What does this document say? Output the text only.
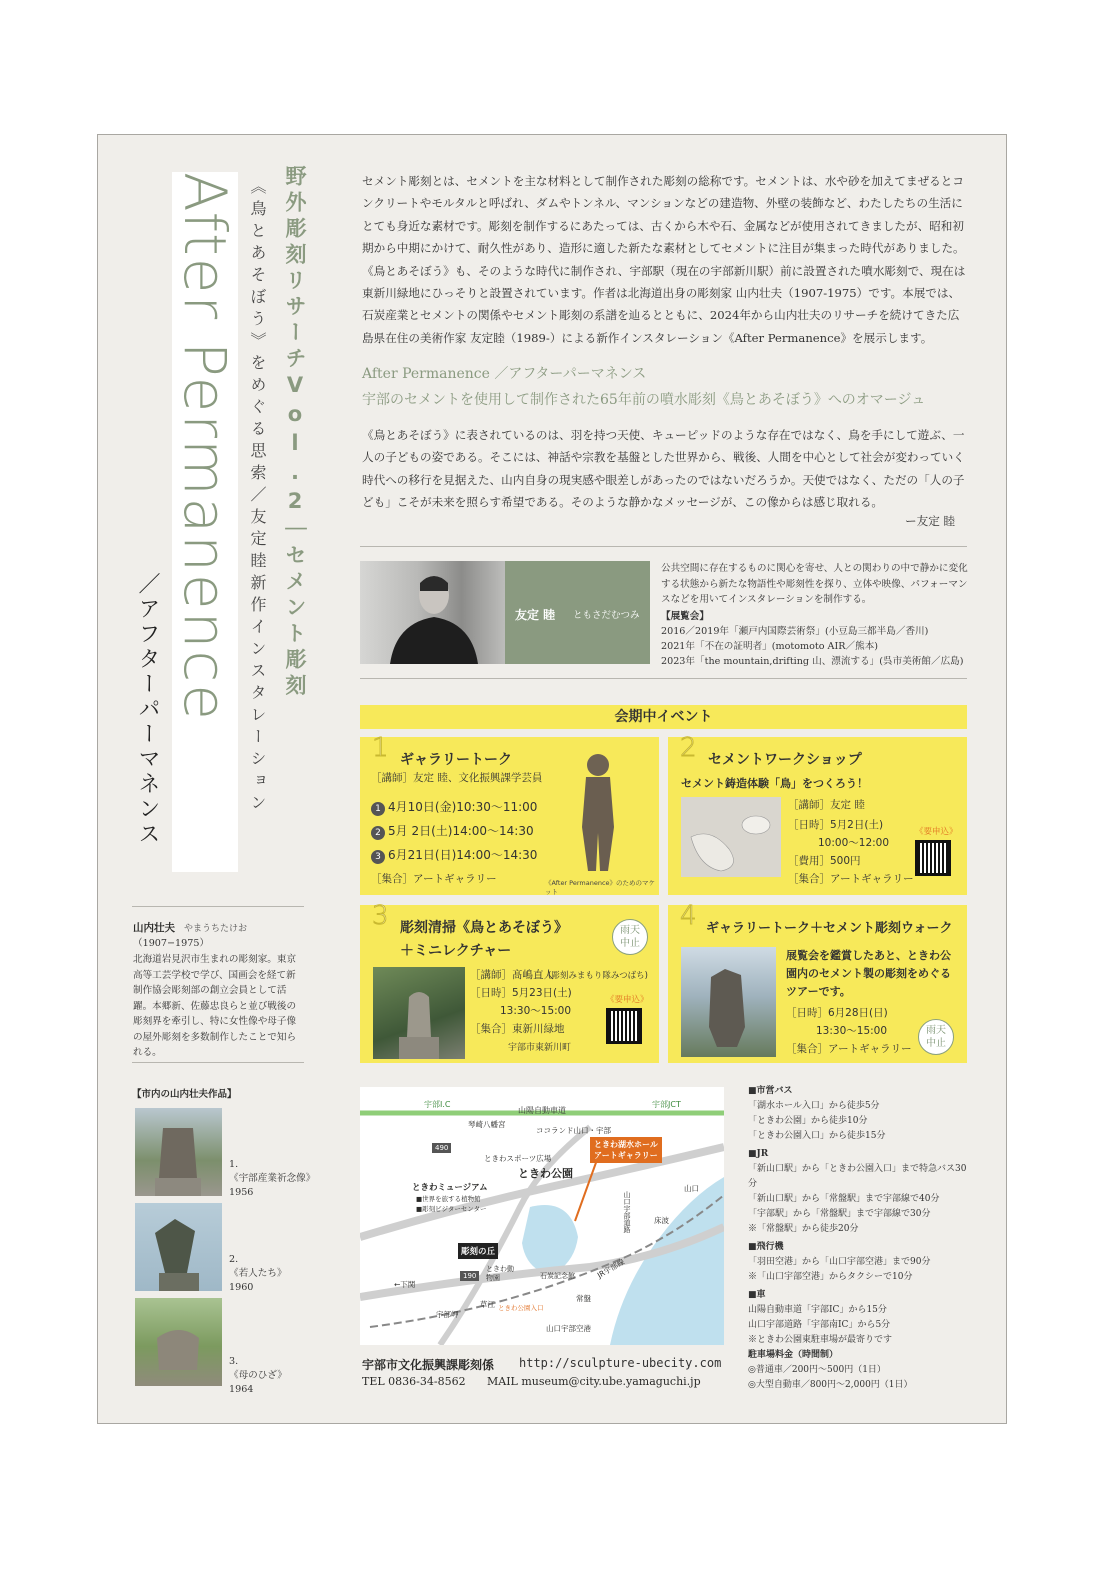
After Permanence 野外彫刻リサーチVol.2｜セメント彫刻
《鳥とあそぼう》をめぐる思索／友定睦新作インスタレーション
／アフターパーマネンス

セメント彫刻とは、セメントを主な材料として制作された彫刻の総称です。セメントは、水や砂を加えてまぜるとコンクリートやモルタルと呼ばれ、ダムやトンネル、マンションなどの建造物、外壁の装飾など、わたしたちの生活にとても身近な素材です。彫刻を制作するにあたっては、古くから木や石、金属などが使用されてきましたが、昭和初期から中期にかけて、耐久性があり、造形に適した新たな素材としてセメントに注目が集まった時代がありました。《鳥とあそぼう》も、そのような時代に制作され、宇部駅（現在の宇部新川駅）前に設置された噴水彫刻で、現在は東新川緑地にひっそりと設置されています。作者は北海道出身の彫刻家 山内壮夫（1907-1975）です。本展では、石炭産業とセメントの関係やセメント彫刻の系譜を辿るとともに、2024年から山内壮夫のリサーチを続けてきた広島県在住の美術作家 友定睦（1989-）による新作インスタレーション《After Permanence》を展示します。

After Permanence ／アフターパーマネンス
宇部のセメントを使用して制作された65年前の噴水彫刻《鳥とあそぼう》へのオマージュ

《鳥とあそぼう》に表されているのは、羽を持つ天使、キューピッドのような存在ではなく、鳥を手にして遊ぶ、一人の子どもの姿である。そこには、神話や宗教を基盤とした世界から、戦後、人間を中心として社会が変わっていく時代への移行を見据えた、山内自身の現実感や眼差しがあったのではないだろうか。天使ではなく、ただの「人の子ども」こそが未来を照らす希望である。そのような静かなメッセージが、この像からは感じ取れる。

ー友定 睦
友定 睦 ともさだむつみ
公共空間に存在するものに関心を寄せ、人との関わりの中で静かに変化する状態から新たな物語性や彫刻性を探り、立体や映像、パフォーマンスなどを用いてインスタレーションを制作する。
【展覧会】
2016／2019年「瀬戸内国際芸術祭」(小豆島三都半島／香川)
2021年「不在の証明者」(motomoto AIR／熊本)
2023年「the mountain,drifting 山、漂流する」(呉市美術館／広島)
会期中イベント
1 ギャラリートーク
［講師］友定 睦、文化振興課学芸員
1 4月10日(金)10:30〜11:00
2 5月 2日(土)14:00〜14:30
3 6月21日(日)14:00〜14:30
［集合］アートギャラリー	《After Permanence》のためのマケット
2 セメントワークショップ
セメント鋳造体験「鳥」をつくろう！
［講師］友定 睦
［日時］5月2日(土)
10:00〜12:00
［費用］500円
［集合］アートギャラリー
《要申込》
3 彫刻清掃《鳥とあそぼう》
＋ミニレクチャー
雨天
中止
［講師］髙嶋直人
(彫刻みまもり隊みつばち)
［日時］5月23日(土)
13:30〜15:00
［集合］東新川緑地
宇部市東新川町
《要申込》
4 ギャラリートーク＋セメント彫刻ウォーク
展覧会を鑑賞したあと、ときわ公園内のセメント製の彫刻をめぐるツアーです。
［日時］6月28日(日)
13:30〜15:00
［集合］アートギャラリー
雨天
中止
山内壮夫 やまうちたけお
（1907−1975）
北海道岩見沢市生まれの彫刻家。東京高等工芸学校で学び、国画会を経て新制作協会彫刻部の創立会員として活躍。本郷新、佐藤忠良らと並び戦後の彫刻界を牽引し、特に女性像や母子像の屋外彫刻を多数制作したことで知られる。
【市内の山内壮夫作品】
1.
《宇部産業祈念像》
1956
2.
《若人たち》
1960
3.
《母のひざ》
1964
宇部I.C
山陽自動車道
宇部JCT
琴崎八幡宮
ココランド山口・宇部
ときわスポーツ広場
ときわ公園
ときわ湖水ホール
アートギャラリー
ときわミュージアム
■世界を旅する植物館
■彫刻ビジターセンター
彫刻の丘
ときわ動物園	石炭記念館
ときわ公園入口
常盤
←下関
宇部岬
草江
山口宇部空港
JR宇部線
490
190
山口宇部道路	床波
山口
■市営バス
「湖水ホール入口」から徒歩5分
「ときわ公園」から徒歩10分
「ときわ公園入口」から徒歩15分
■JR
「新山口駅」から「ときわ公園入口」まで特急バス30分
「新山口駅」から「常盤駅」まで宇部線で40分
「宇部駅」から「常盤駅」まで宇部線で30分
※「常盤駅」から徒歩20分
■飛行機
「羽田空港」から「山口宇部空港」まで90分
※「山口宇部空港」からタクシーで10分
■車
山陽自動車道「宇部IC」から15分
山口宇部道路「宇部南IC」から5分
※ときわ公園東駐車場が最寄りです
駐車場料金（時間制）
◎普通車／200円〜500円（1日）
◎大型自動車／800円〜2,000円（1日）
宇部市文化振興課彫刻係 http://sculpture-ubecity.com
TEL 0836-34-8562 MAIL museum@city.ube.yamaguchi.jp
